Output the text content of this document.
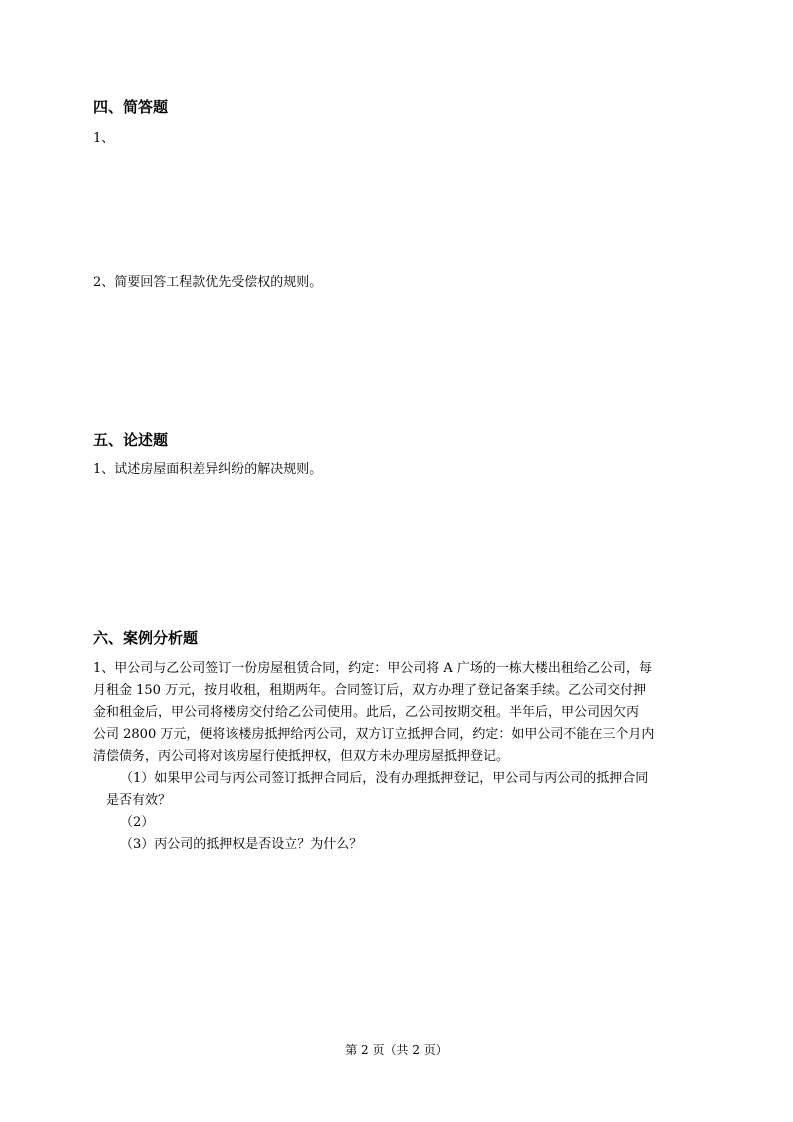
四、简答题
1、
2、简要回答工程款优先受偿权的规则。
五、论述题
1、试述房屋面积差异纠纷的解决规则。
六、案例分析题
1、甲公司与乙公司签订一份房屋租赁合同，约定：甲公司将 A 广场的一栋大楼出租给乙公司，每
月租金 150 万元，按月收租，租期两年。合同签订后，双方办理了登记备案手续。乙公司交付押
金和租金后，甲公司将楼房交付给乙公司使用。此后，乙公司按期交租。半年后，甲公司因欠丙
公司 2800 万元，便将该楼房抵押给丙公司，双方订立抵押合同，约定：如甲公司不能在三个月内
清偿债务，丙公司将对该房屋行使抵押权，但双方未办理房屋抵押登记。
（1）如果甲公司与丙公司签订抵押合同后，没有办理抵押登记，甲公司与丙公司的抵押合同
是否有效？
（2）
（3）丙公司的抵押权是否设立？为什么？
第 2 页（共 2 页）
